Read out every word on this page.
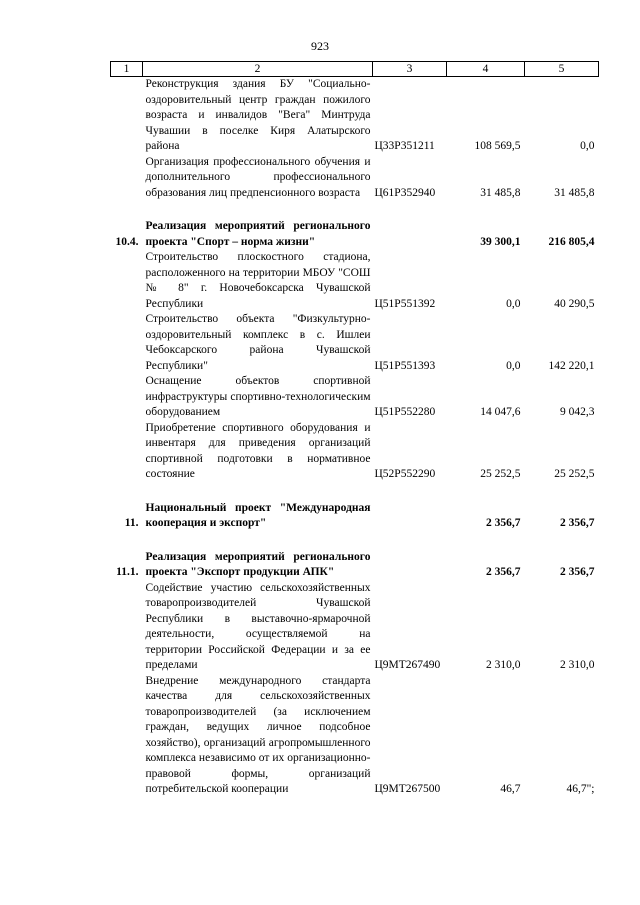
923
1	2	3	4	5
	Реконструкция здания БУ "Социально-оздоровительный центр граждан пожилого возраста и инвалидов "Вега" Минтруда Чувашии в поселке Киря Алатырского района	Ц33Р351211	108 569,5	0,0
	Организация профессионального обучения и дополнительного профессионального образования лиц предпенсионного возраста	Ц61Р352940	31 485,8	31 485,8

10.4.	Реализация мероприятий регионального проекта "Спорт – норма жизни"		39 300,1	216 805,4
	Строительство плоскостного стадиона, расположенного на территории МБОУ "СОШ № 8" г. Новочебоксарска Чувашской Республики	Ц51Р551392	0,0	40 290,5
	Строительство объекта "Физкультурно-оздоровительный комплекс в с. Ишлеи Чебоксарского района Чувашской Республики"	Ц51Р551393	0,0	142 220,1
	Оснащение объектов спортивной инфраструктуры спортивно-технологическим оборудованием	Ц51Р552280	14 047,6	9 042,3
	Приобретение спортивного оборудования и инвентаря для приведения организаций спортивной подготовки в нормативное состояние	Ц52Р552290	25 252,5	25 252,5

11.	Национальный проект "Международная кооперация и экспорт"		2 356,7	2 356,7

11.1.	Реализация мероприятий регионального проекта "Экспорт продукции АПК"		2 356,7	2 356,7
	Содействие участию сельскохозяйственных товаропроизводителей Чувашской Республики в выставочно-ярмарочной деятельности, осуществляемой на территории Российской Федерации и за ее пределами	Ц9МТ267490	2 310,0	2 310,0
	Внедрение международного стандарта качества для сельскохозяйственных товаропроизводителей (за исключением граждан, ведущих личное подсобное хозяйство), организаций агропромышленного комплекса независимо от их организационно-правовой формы, организаций потребительской кооперации	Ц9МТ267500	46,7	46,7";
